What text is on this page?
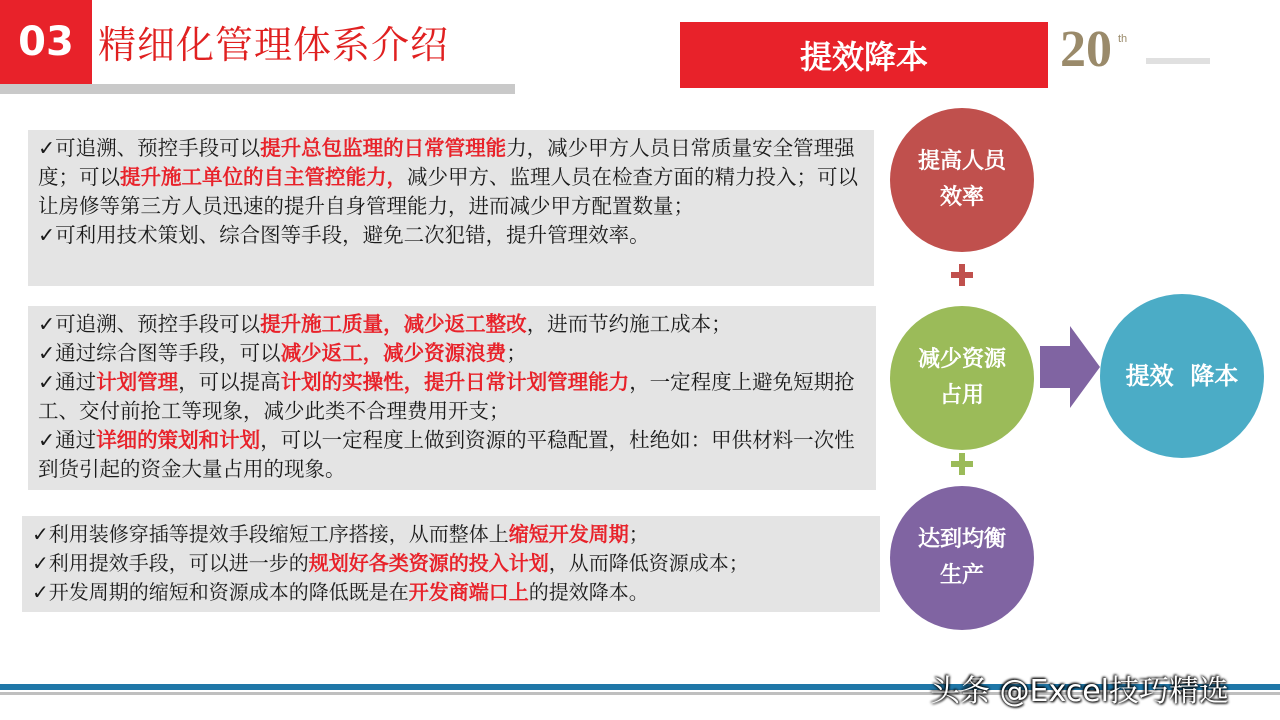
03 精细化管理体系介绍	提效降本	20 th
✓可追溯、预控手段可以提升总包监理的日常管理能力，减少甲方人员日常质量安全管理强度；可以提升施工单位的自主管控能力，减少甲方、监理人员在检查方面的精力投入；可以让房修等第三方人员迅速的提升自身管理能力，进而减少甲方配置数量；
✓可利用技术策划、综合图等手段，避免二次犯错，提升管理效率。
✓可追溯、预控手段可以提升施工质量，减少返工整改，进而节约施工成本；
✓通过综合图等手段，可以减少返工，减少资源浪费；
✓通过计划管理，可以提高计划的实操性，提升日常计划管理能力，一定程度上避免短期抢工、交付前抢工等现象，减少此类不合理费用开支；
✓通过详细的策划和计划，可以一定程度上做到资源的平稳配置，杜绝如：甲供材料一次性到货引起的资金大量占用的现象。
✓利用装修穿插等提效手段缩短工序搭接，从而整体上缩短开发周期；
✓利用提效手段，可以进一步的规划好各类资源的投入计划，从而降低资源成本；
✓开发周期的缩短和资源成本的降低既是在开发商端口上的提效降本。
提高人员
效率
减少资源
占用
达到均衡
生产
提效  降本
头条 @Excel技巧精选
